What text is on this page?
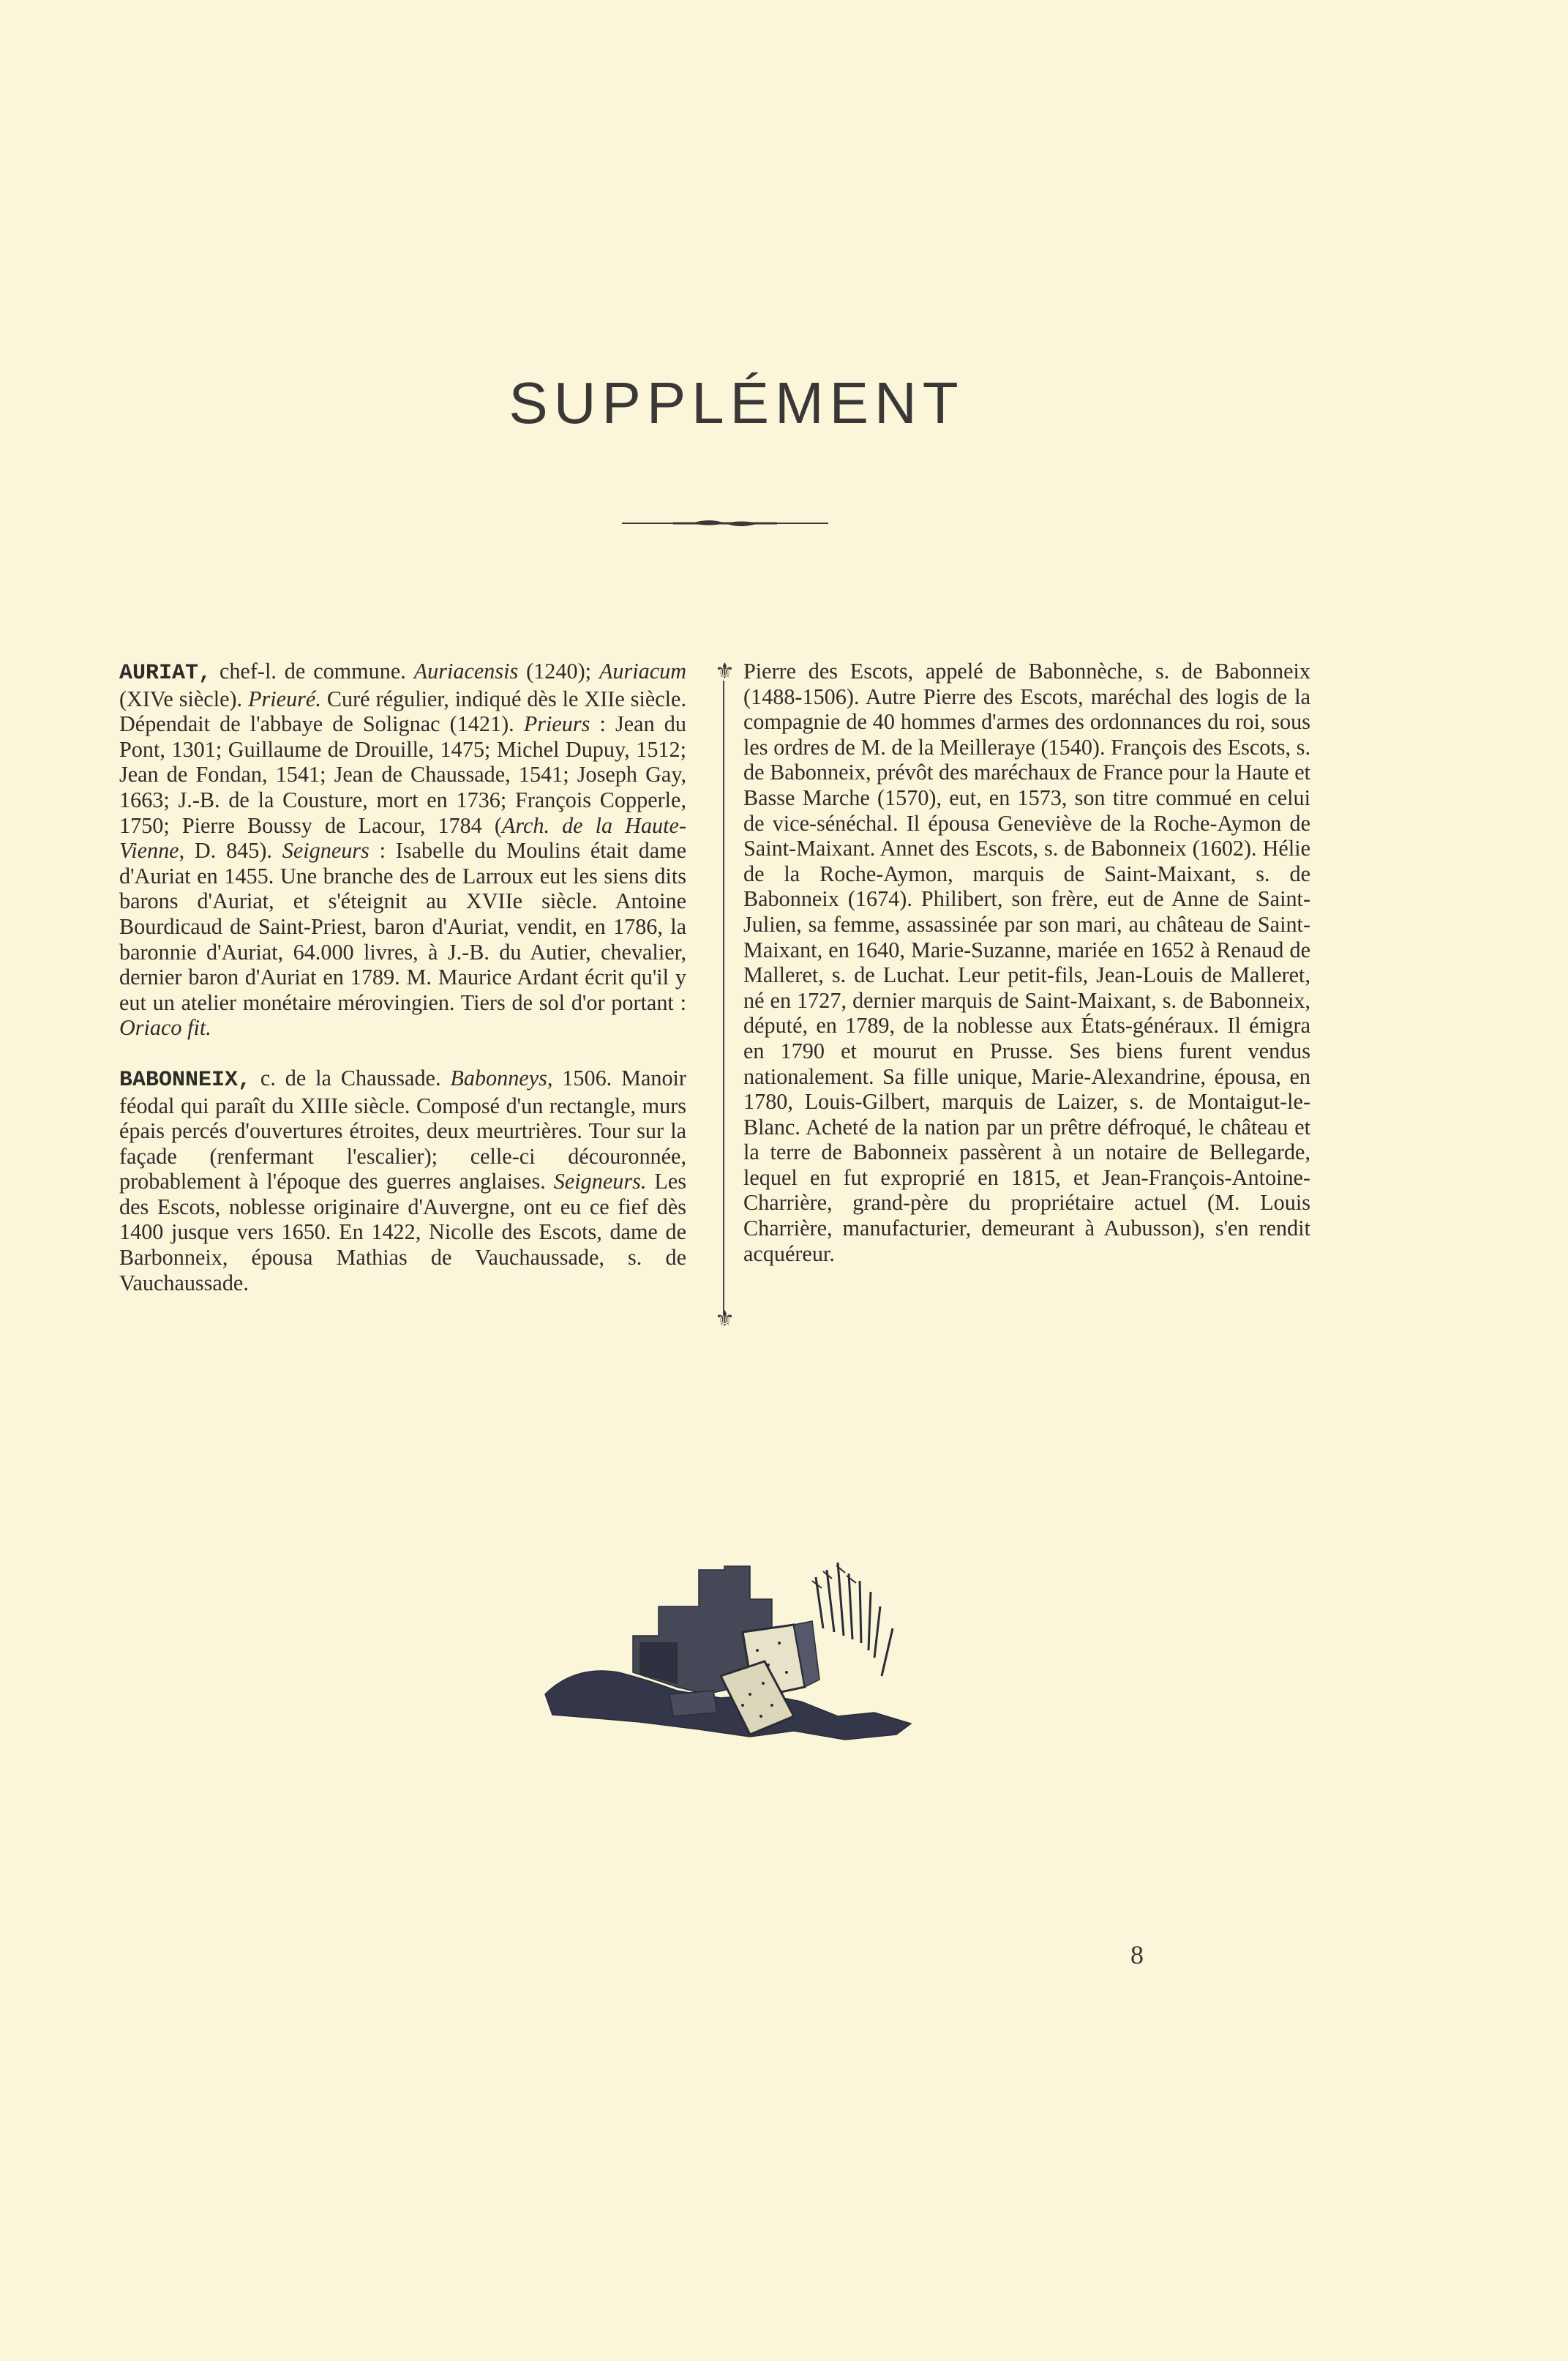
SUPPLÉMENT

AURIAT, chef-l. de commune. Auriacensis (1240); Auriacum (XIVe siècle). Prieuré. Curé régulier, indiqué dès le XIIe siècle. Dépendait de l'abbaye de Solignac (1421). Prieurs : Jean du Pont, 1301; Guillaume de Drouille, 1475; Michel Dupuy, 1512; Jean de Fondan, 1541; Jean de Chaussade, 1541; Joseph Gay, 1663; J.-B. de la Cousture, mort en 1736; François Copperle, 1750; Pierre Boussy de Lacour, 1784 (Arch. de la Haute-Vienne, D. 845). Seigneurs : Isabelle du Moulins était dame d'Auriat en 1455. Une branche des de Larroux eut les siens dits barons d'Auriat, et s'éteignit au XVIIe siècle. Antoine Bourdicaud de Saint-Priest, baron d'Auriat, vendit, en 1786, la baronnie d'Auriat, 64.000 livres, à J.-B. du Autier, chevalier, dernier baron d'Auriat en 1789. M. Maurice Ardant écrit qu'il y eut un atelier monétaire mérovingien. Tiers de sol d'or portant : Oriaco fit.

BABONNEIX, c. de la Chaussade. Babonneys, 1506. Manoir féodal qui paraît du XIIIe siècle. Composé d'un rectangle, murs épais percés d'ouvertures étroites, deux meurtrières. Tour sur la façade (renfermant l'escalier); celle-ci découronnée, probablement à l'époque des guerres anglaises. Seigneurs. Les des Escots, noblesse originaire d'Auvergne, ont eu ce fief dès 1400 jusque vers 1650. En 1422, Nicolle des Escots, dame de Barbonneix, épousa Mathias de Vauchaussade, s. de Vauchaussade.

⚜
⚜

Pierre des Escots, appelé de Babonnèche, s. de Babonneix (1488-1506). Autre Pierre des Escots, maréchal des logis de la compagnie de 40 hommes d'armes des ordonnances du roi, sous les ordres de M. de la Meilleraye (1540). François des Escots, s. de Babonneix, prévôt des maréchaux de France pour la Haute et Basse Marche (1570), eut, en 1573, son titre commué en celui de vice-sénéchal. Il épousa Geneviève de la Roche-Aymon de Saint-Maixant. Annet des Escots, s. de Babonneix (1602). Hélie de la Roche-Aymon, marquis de Saint-Maixant, s. de Babonneix (1674). Philibert, son frère, eut de Anne de Saint-Julien, sa femme, assassinée par son mari, au château de Saint-Maixant, en 1640, Marie-Suzanne, mariée en 1652 à Renaud de Malleret, s. de Luchat. Leur petit-fils, Jean-Louis de Malleret, né en 1727, dernier marquis de Saint-Maixant, s. de Babonneix, député, en 1789, de la noblesse aux États-généraux. Il émigra en 1790 et mourut en Prusse. Ses biens furent vendus nationalement. Sa fille unique, Marie-Alexandrine, épousa, en 1780, Louis-Gilbert, marquis de Laizer, s. de Montaigut-le-Blanc. Acheté de la nation par un prêtre défroqué, le château et la terre de Babonneix passèrent à un notaire de Bellegarde, lequel en fut exproprié en 1815, et Jean-François-Antoine-Charrière, grand-père du propriétaire actuel (M. Louis Charrière, manufacturier, demeurant à Aubusson), s'en rendit acquéreur.

8
